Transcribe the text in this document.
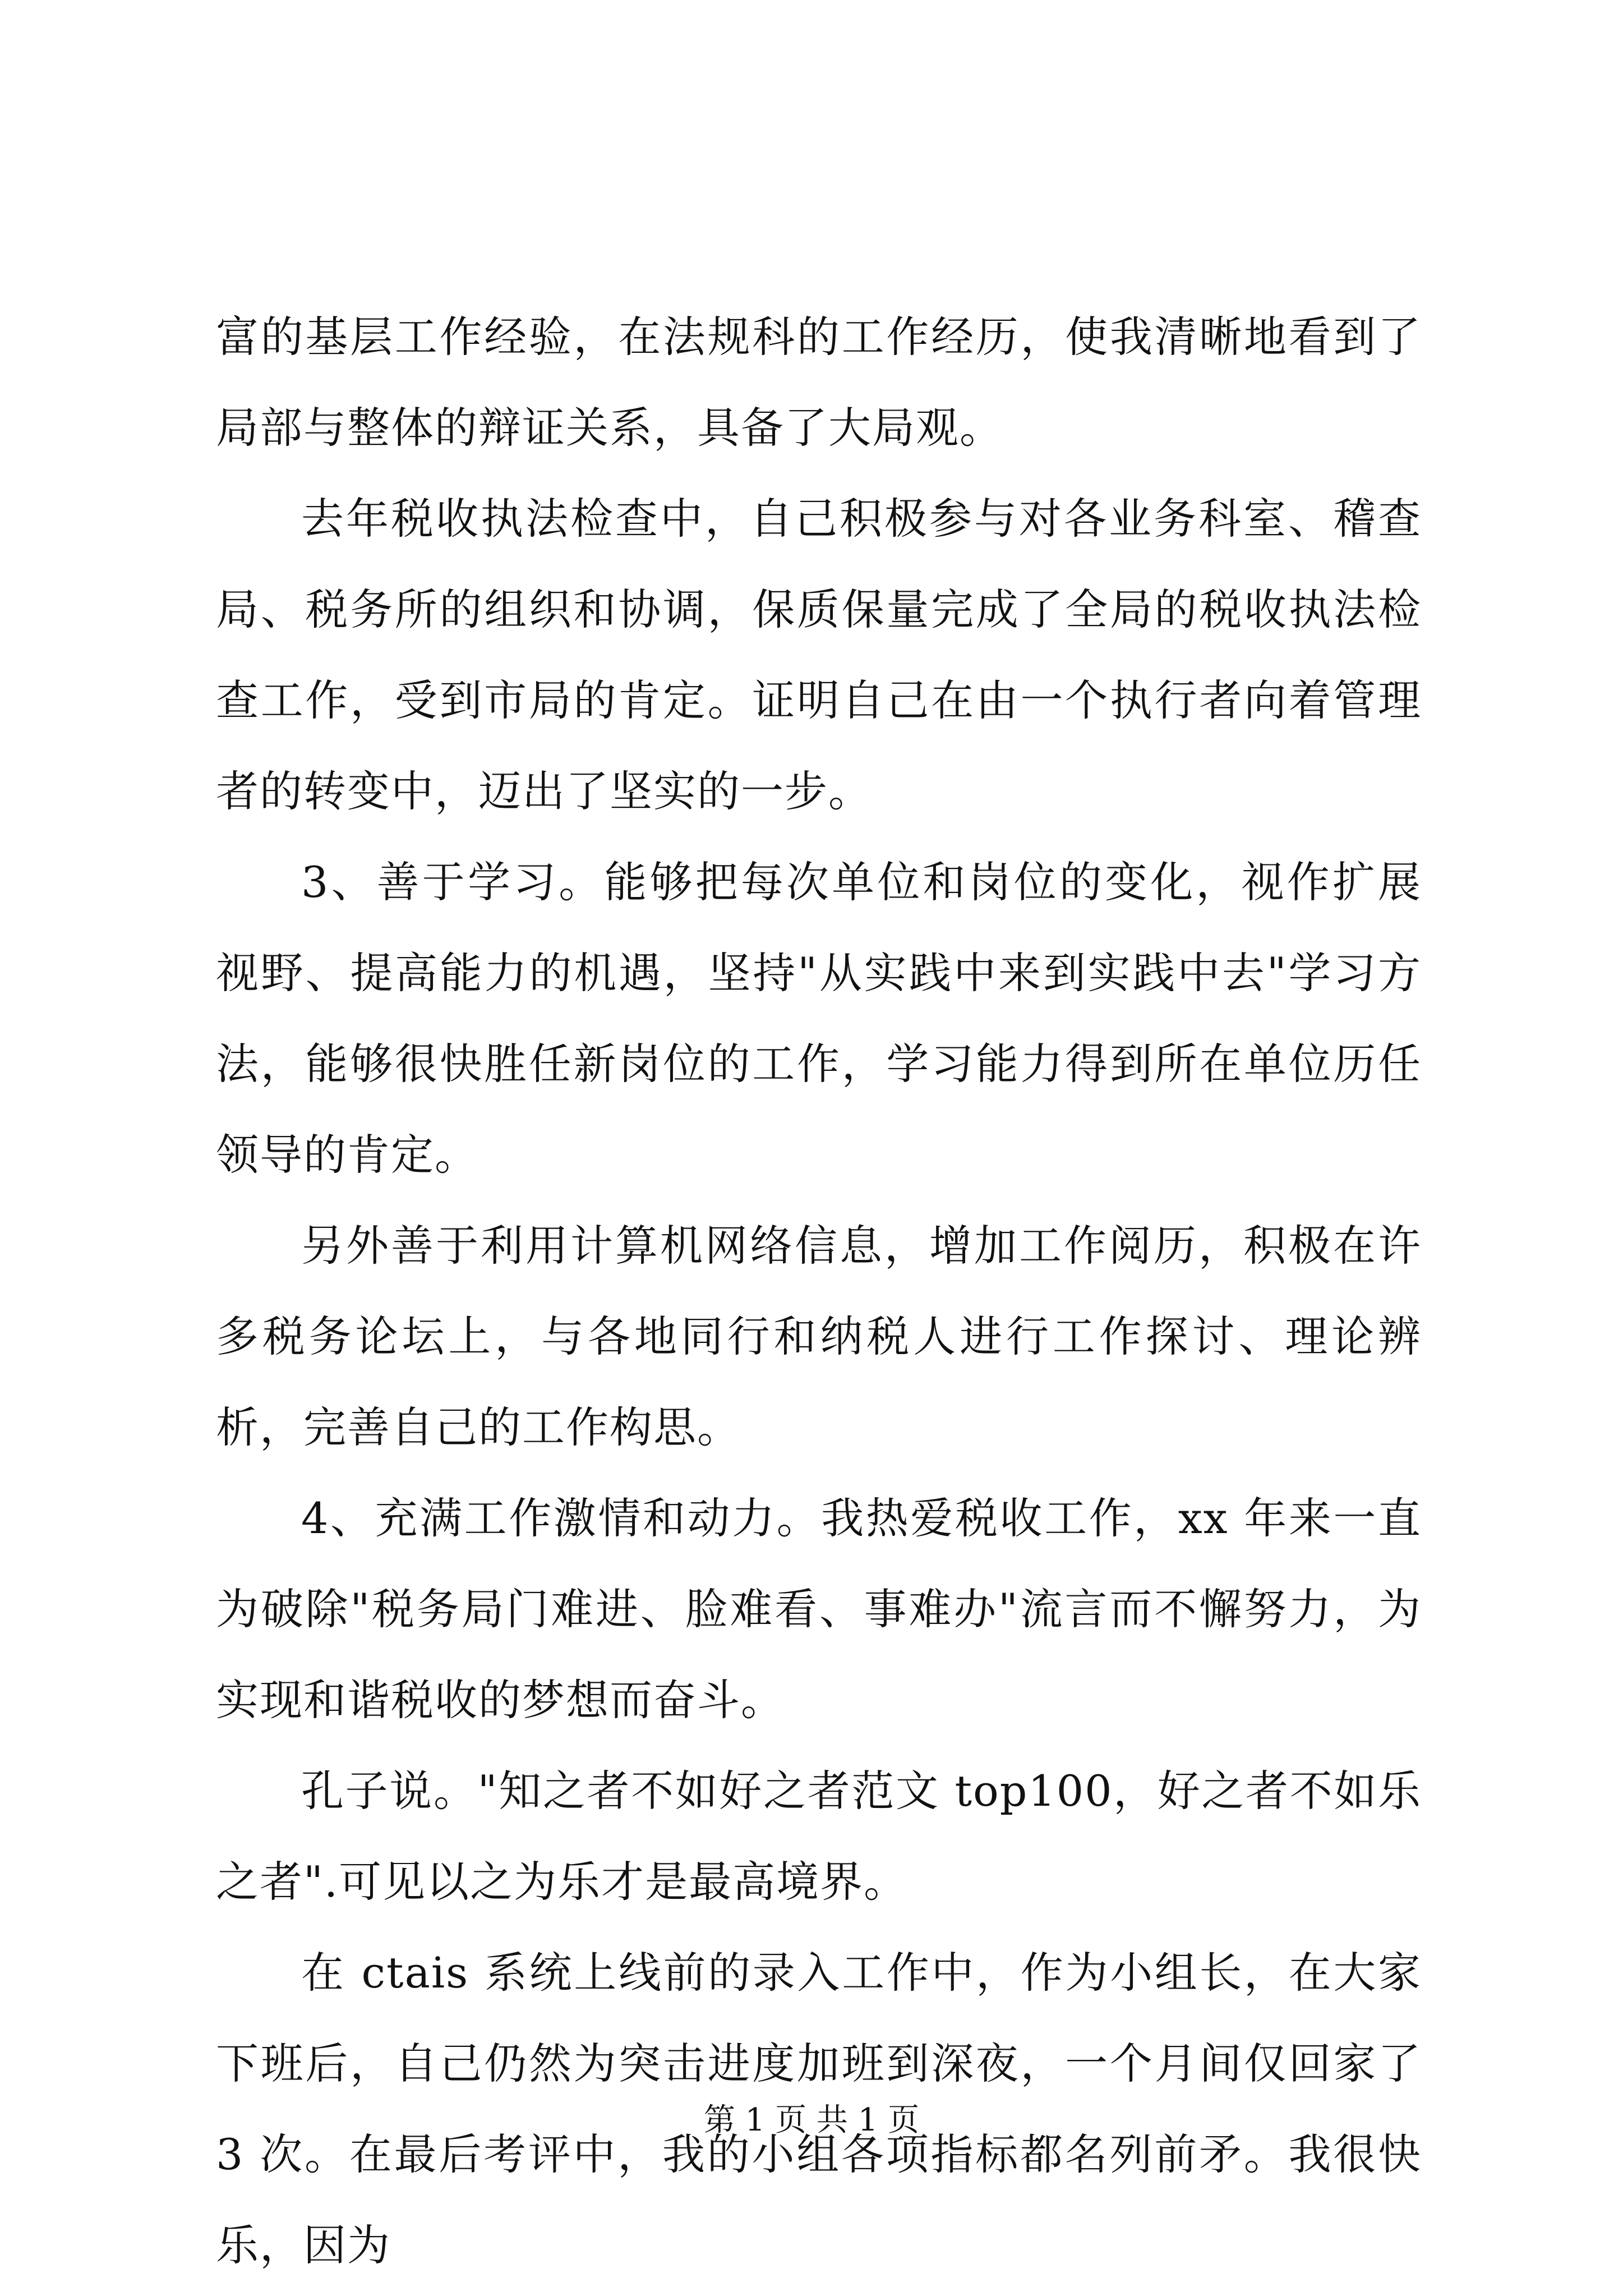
富的基层工作经验，在法规科的工作经历，使我清晰地看到了局部与整体的辩证关系，具备了大局观。

去年税收执法检查中，自己积极参与对各业务科室、稽查局、税务所的组织和协调，保质保量完成了全局的税收执法检查工作，受到市局的肯定。证明自己在由一个执行者向着管理者的转变中，迈出了坚实的一步。

3、善于学习。能够把每次单位和岗位的变化，视作扩展视野、提高能力的机遇，坚持"从实践中来到实践中去"学习方法，能够很快胜任新岗位的工作，学习能力得到所在单位历任领导的肯定。

另外善于利用计算机网络信息，增加工作阅历，积极在许多税务论坛上，与各地同行和纳税人进行工作探讨、理论辨析，完善自己的工作构思。

4、充满工作激情和动力。我热爱税收工作，xx 年来一直为破除"税务局门难进、脸难看、事难办"流言而不懈努力，为实现和谐税收的梦想而奋斗。

孔子说。"知之者不如好之者范文 top100，好之者不如乐之者".可见以之为乐才是最高境界。

在 ctais 系统上线前的录入工作中，作为小组长，在大家下班后，自己仍然为突击进度加班到深夜，一个月间仅回家了 3 次。在最后考评中，我的小组各项指标都名列前矛。我很快乐，因为

第 1 页 共 1 页
